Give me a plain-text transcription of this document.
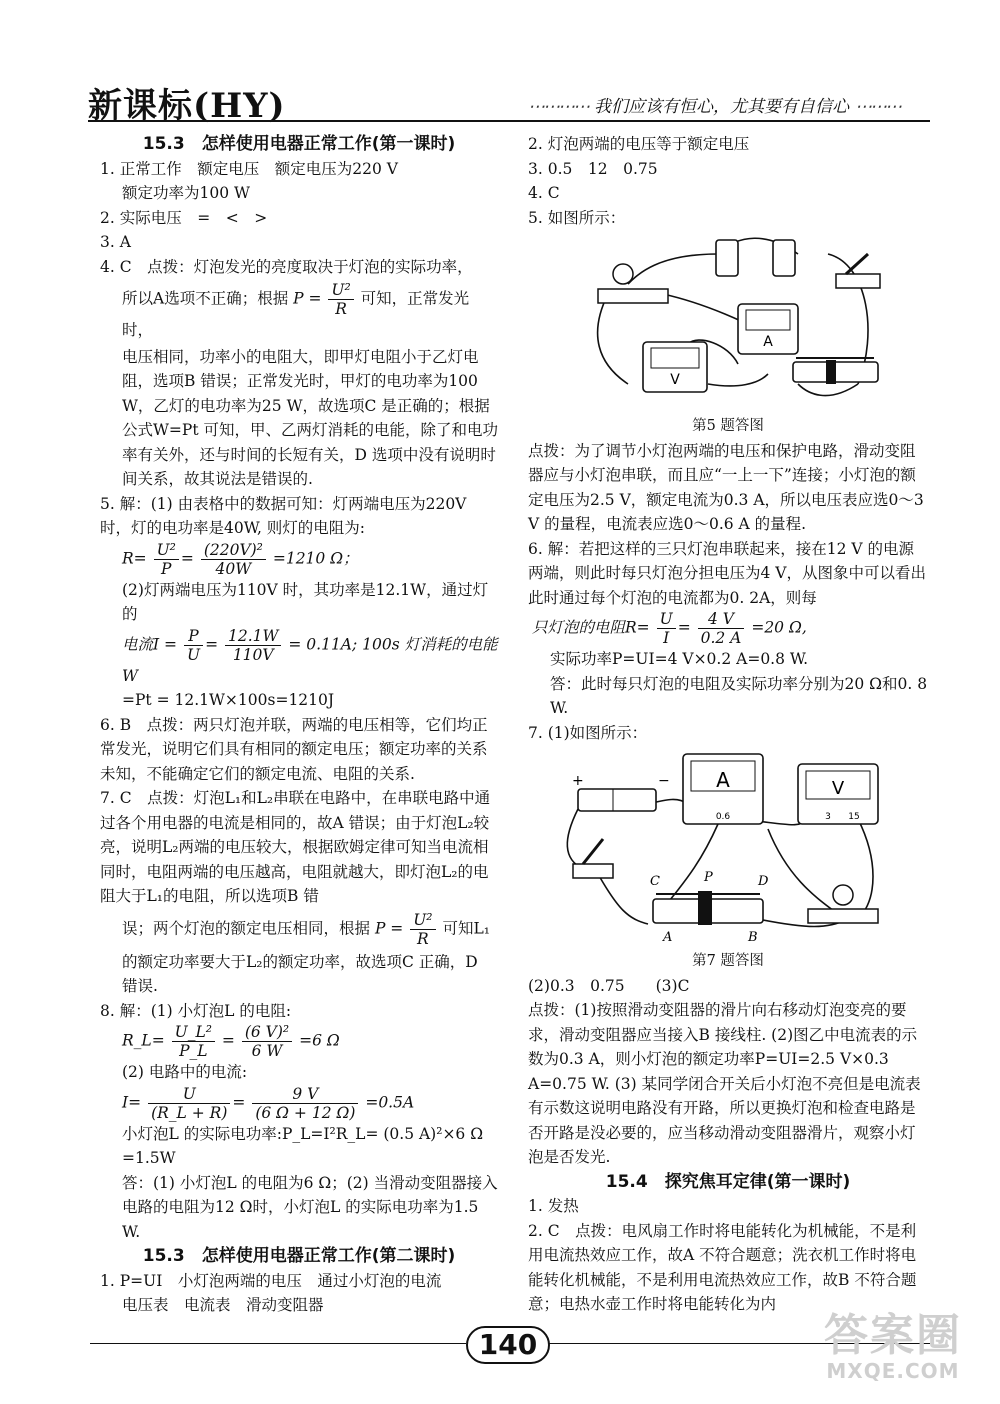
新课标(HY)
⋯⋯⋯⋯	我们应该有恒心，尤其要有自信心 ⋯⋯⋯

15.3　怎样使用电器正常工作(第一课时)

1. 正常工作　额定电压　额定电压为220 V

额定功率为100 W

2. 实际电压　=　<　>

3. A

4. C　点拨：灯泡发光的亮度取决于灯泡的实际功率，

所以A选项不正确；根据 $P = \frac{\text{U²}}{R}$ 可知，正常发光时，

电压相同，功率小的电阻大，即甲灯电阻小于乙灯电阻，选项B 错误；正常发光时，甲灯的电功率为100 W，乙灯的电功率为25 W，故选项C 是正确的；根据公式W=Pt 可知，甲、乙两灯消耗的电能，除了和电功率有关外，还与时间的长短有关，D 选项中没有说明时间关系，故其说法是错误的.

5. 解：(1) 由表格中的数据可知：灯两端电压为220V 时，灯的电功率是40W, 则灯的电阻为:

$R= \frac{\text{U²}}{P} = \frac{\text{(220V)²}}{40W} =1210$ Ω；

(2)灯两端电压为110V 时，其功率是12.1W，通过灯的

电流$I = \frac{P}{U} = \frac{12.1W}{110V} = 0.11A$; 100s 灯消耗的电能W

=Pt = 12.1W×100s=1210J

6. B　点拨：两只灯泡并联，两端的电压相等，它们均正常发光，说明它们具有相同的额定电压；额定功率的关系未知，不能确定它们的额定电流、电阻的关系.

7. C　点拨：灯泡L₁和L₂串联在电路中，在串联电路中通过各个用电器的电流是相同的，故A 错误；由于灯泡L₂较亮，说明L₂两端的电压较大，根据欧姆定律可知当电流相同时，电阻两端的电压越高，电阻就越大，即灯泡L₂的电阻大于L₁的电阻，所以选项B 错

误；两个灯泡的额定电压相同，根据 $P = \frac{\text{U²}}{R}$ 可知L₁

的额定功率要大于L₂的额定功率，故选项C 正确，D 错误.

8. 解：(1) 小灯泡L 的电阻:

R_L= $\frac{\text{U\_L²}}{P\_L} = \frac{\text{(6 V)²}}{6 W} =6$ Ω

(2) 电路中的电流:

$I= \frac{U}{(R\_L + R)} = \frac{9 V}{(6 \Omega + 12 \Omega)} =0.5A$

小灯泡L 的实际电功率:P_L=I²R_L= (0.5 A)²×6 Ω

=1.5W

答：(1) 小灯泡L 的电阻为6 Ω；(2) 当滑动变阻器接入电路的电阻为12 Ω时，小灯泡L 的实际电功率为1.5 W.

15.3　怎样使用电器正常工作(第二课时)

1. P=UI　小灯泡两端的电压　通过小灯泡的电流

电压表　电流表　滑动变阻器

2. 灯泡两端的电压等于额定电压

3. 0.5　12　0.75

4. C

5. 如图所示：

A
V

第5 题答图

点拨：为了调节小灯泡两端的电压和保护电路，滑动变阻器应与小灯泡串联，而且应“一上一下”连接；小灯泡的额定电压为2.5 V，额定电流为0.3 A，所以电压表应选0～3 V 的量程，电流表应选0～0.6 A 的量程.

6. 解：若把这样的三只灯泡串联起来，接在12 V 的电源两端，则此时每只灯泡分担电压为4 V，从图象中可以看出此时通过每个灯泡的电流都为0. 2A，则每

只灯泡的电阻$R= \frac{U}{I} = \frac{4 V}{0.2 A} =20$ Ω,

实际功率P=UI=4 V×0.2 A=0.8 W.

答：此时每只灯泡的电阻及实际功率分别为20 Ω和0. 8 W.

7. (1)如图所示：

+	− A
0.6
V
3 15
C	P	D
A	B

第7 题答图

(2)0.3　0.75　　(3)C

点拨：(1)按照滑动变阻器的滑片向右移动灯泡变亮的要求，滑动变阻器应当接入B 接线柱. (2)图乙中电流表的示数为0.3 A，则小灯泡的额定功率P=UI=2.5 V×0.3 A=0.75 W. (3) 某同学闭合开关后小灯泡不亮但是电流表有示数这说明电路没有开路，所以更换灯泡和检查电路是否开路是没必要的，应当移动滑动变阻器滑片，观察小灯泡是否发光.

15.4　探究焦耳定律(第一课时)

1. 发热

2. C　点拨：电风扇工作时将电能转化为机械能，不是利用电流热效应工作，故A 不符合题意；洗衣机工作时将电能转化机械能，不是利用电流热效应工作，故B 不符合题意；电热水壶工作时将电能转化为内

140	答案圈
MXQE.COM
